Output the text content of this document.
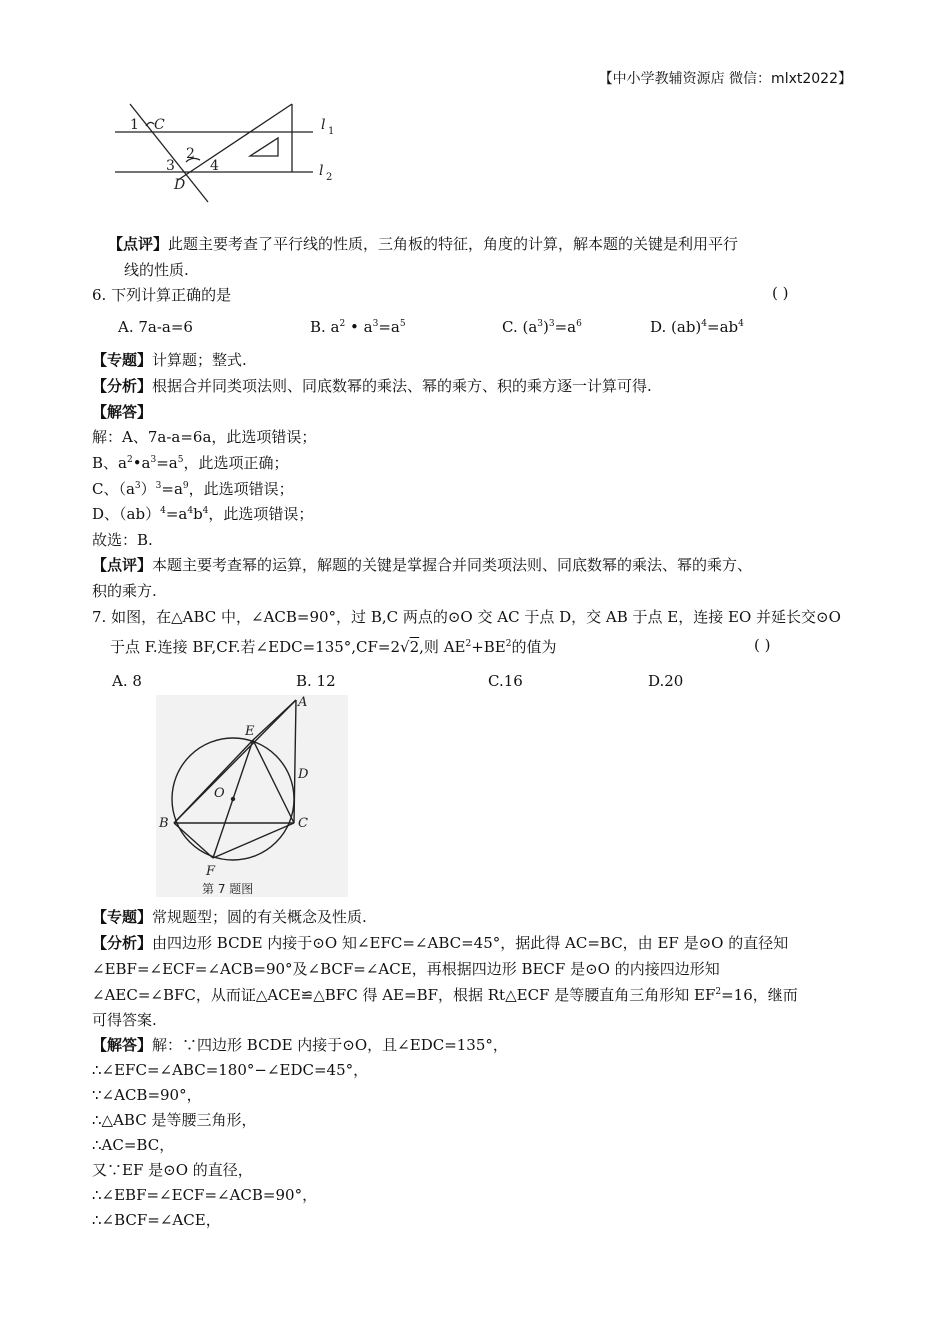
【中小学教辅资源店 微信：mlxt2022】
1 C	l 1
2
3	4
D
l 2
【点评】此题主要考查了平行线的性质，三角板的特征，角度的计算，解本题的关键是利用平行
线的性质.
6. 下列计算正确的是	( )
A. 7a-a=6	B. $a^2$ • $a^3=a^5$	C. $(a^3)^3=a^6$	D. $(ab)^4=ab^4$
【专题】计算题；整式.
【分析】根据合并同类项法则、同底数幂的乘法、幂的乘方、积的乘方逐一计算可得.
【解答】
解：A、7a-a=6a，此选项错误；
B、$a^2•a^3=a^5$，此选项正确；
C、$(a^3)^3=a^9$，此选项错误；
D、$(ab)^4=a^4b^4$，此选项错误；
故选：B.
【点评】本题主要考查幂的运算，解题的关键是掌握合并同类项法则、同底数幂的乘法、幂的乘方、
积的乘方.
7. 如图，在△ABC 中，∠ACB=90°，过 B,C 两点的⊙O 交 AC 于点 D，交 AB 于点 E，连接 EO 并延长交⊙O
于点 F.连接 BF,CF.若∠EDC=135°,CF=2√2,则 $AE^2+BE^2$的值为	( )
A. 8	B. 12	C.16	D.20
A
E
D
O
B	C
F
第 7 题图
【专题】常规题型；圆的有关概念及性质.
【分析】由四边形 BCDE 内接于⊙O 知∠EFC=∠ABC=45°，据此得 AC=BC，由 EF 是⊙O 的直径知
∠EBF=∠ECF=∠ACB=90°及∠BCF=∠ACE，再根据四边形 BECF 是⊙O 的内接四边形知
∠AEC=∠BFC，从而证△ACE≌△BFC 得 AE=BF，根据 Rt△ECF 是等腰直角三角形知 $EF^2=16$，继而
可得答案.
【解答】解：∵四边形 BCDE 内接于⊙O，且∠EDC=135°，
∴∠EFC=∠ABC=180°−∠EDC=45°，
∵∠ACB=90°，
∴△ABC 是等腰三角形，
∴AC=BC，
又∵EF 是⊙O 的直径，
∴∠EBF=∠ECF=∠ACB=90°，
∴∠BCF=∠ACE，
